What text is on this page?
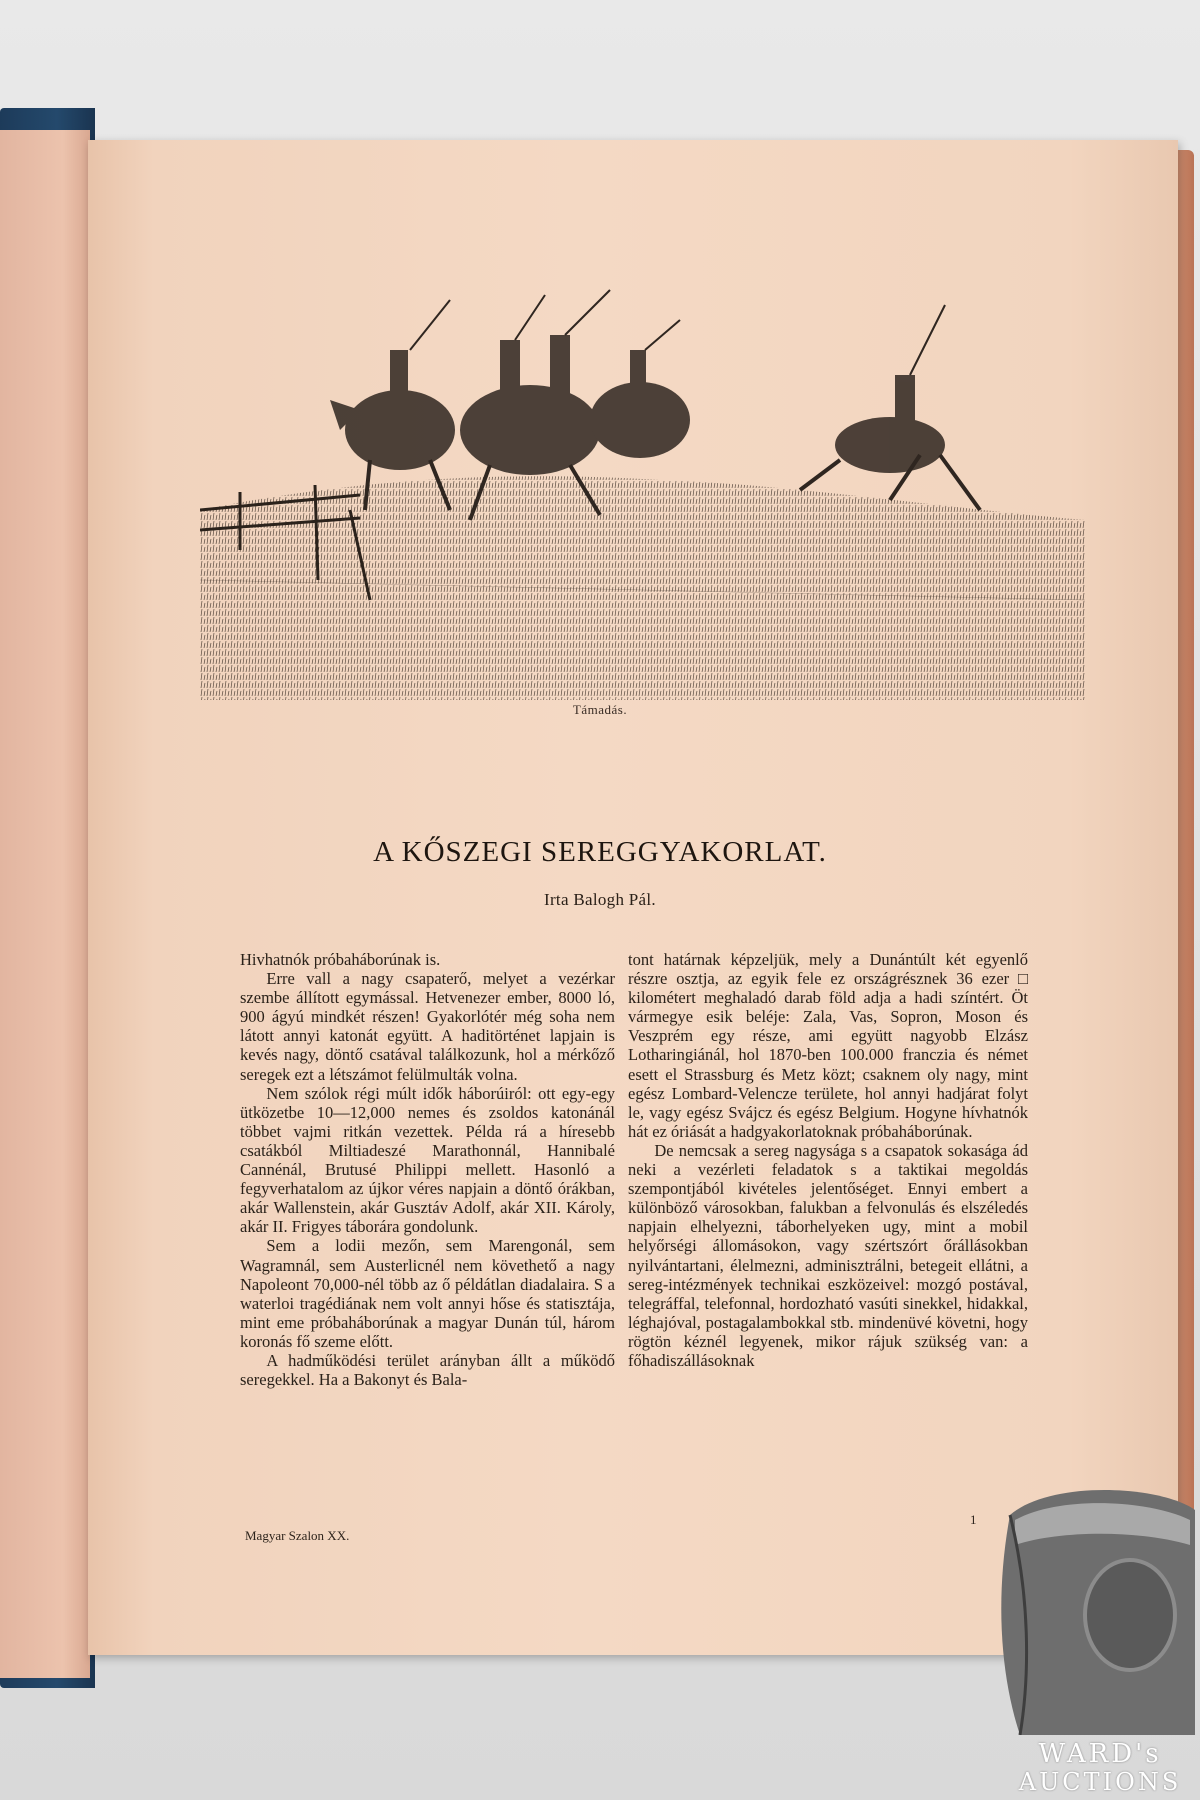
Támadás.
A KŐSZEGI SEREGGYAKORLAT.
Irta Balogh Pál.

Hivhatnók próbaháborúnak is.

Erre vall a nagy csapaterő, melyet a vezérkar szembe állított egymással. Hetvenezer ember, 8000 ló, 900 ágyú mindkét részen! Gyakorlótér még soha nem látott annyi katonát együtt. A haditörténet lapjain is kevés nagy, döntő csatával találkozunk, hol a mérkőző seregek ezt a létszámot felülmulták volna.

Nem szólok régi múlt idők háborúiról: ott egy-egy ütközetbe 10—12,000 nemes és zsoldos katonánál többet vajmi ritkán vezettek. Példa rá a híresebb csatákból Miltiadeszé Marathonnál, Hannibalé Cannénál, Brutusé Philippi mellett. Hasonló a fegyverhatalom az újkor véres napjain a döntő órákban, akár Wallenstein, akár Gusztáv Adolf, akár XII. Károly, akár II. Frigyes táborára gondolunk.

Sem a lodii mezőn, sem Marengonál, sem Wagramnál, sem Austerlicnél nem követhető a nagy Napoleont 70,000-nél több az ő példátlan diadalaira. S a waterloi tragédiának nem volt annyi hőse és statisztája, mint eme próbaháborúnak a magyar Dunán túl, három koronás fő szeme előtt.

A hadműködési terület arányban állt a működő seregekkel. Ha a Bakonyt és Bala-

tont határnak képzeljük, mely a Dunántúlt két egyenlő részre osztja, az egyik fele ez országrésznek 36 ezer □ kilométert meghaladó darab föld adja a hadi színtért. Öt vármegye esik beléje: Zala, Vas, Sopron, Moson és Veszprém egy része, ami együtt nagyobb Elzász Lotharingiánál, hol 1870-ben 100.000 franczia és német esett el Strassburg és Metz közt; csaknem oly nagy, mint egész Lombard-Velencze területe, hol annyi hadjárat folyt le, vagy egész Svájcz és egész Belgium. Hogyne hívhatnók hát ez óriását a hadgyakorlatoknak próbaháborúnak.

De nemcsak a sereg nagysága s a csapatok sokasága ád neki a vezérleti feladatok s a taktikai megoldás szempontjából kivételes jelentőséget. Ennyi embert a különböző városokban, falukban a felvonulás és elszéledés napjain elhelyezni, táborhelyeken ugy, mint a mobil helyőrségi állomásokon, vagy szértszórt őrállásokban nyilvántartani, élelmezni, adminisztrálni, betegeit ellátni, a sereg-intézmények technikai eszközeivel: mozgó postával, telegráffal, telefonnal, hordozható vasúti sinekkel, hidakkal, léghajóval, postagalambokkal stb. mindenüvé követni, hogy rögtön kéznél legyenek, mikor rájuk szükség van: a főhadiszállásoknak

Magyar Szalon XX.
1
WARD's
AUCTIONS
